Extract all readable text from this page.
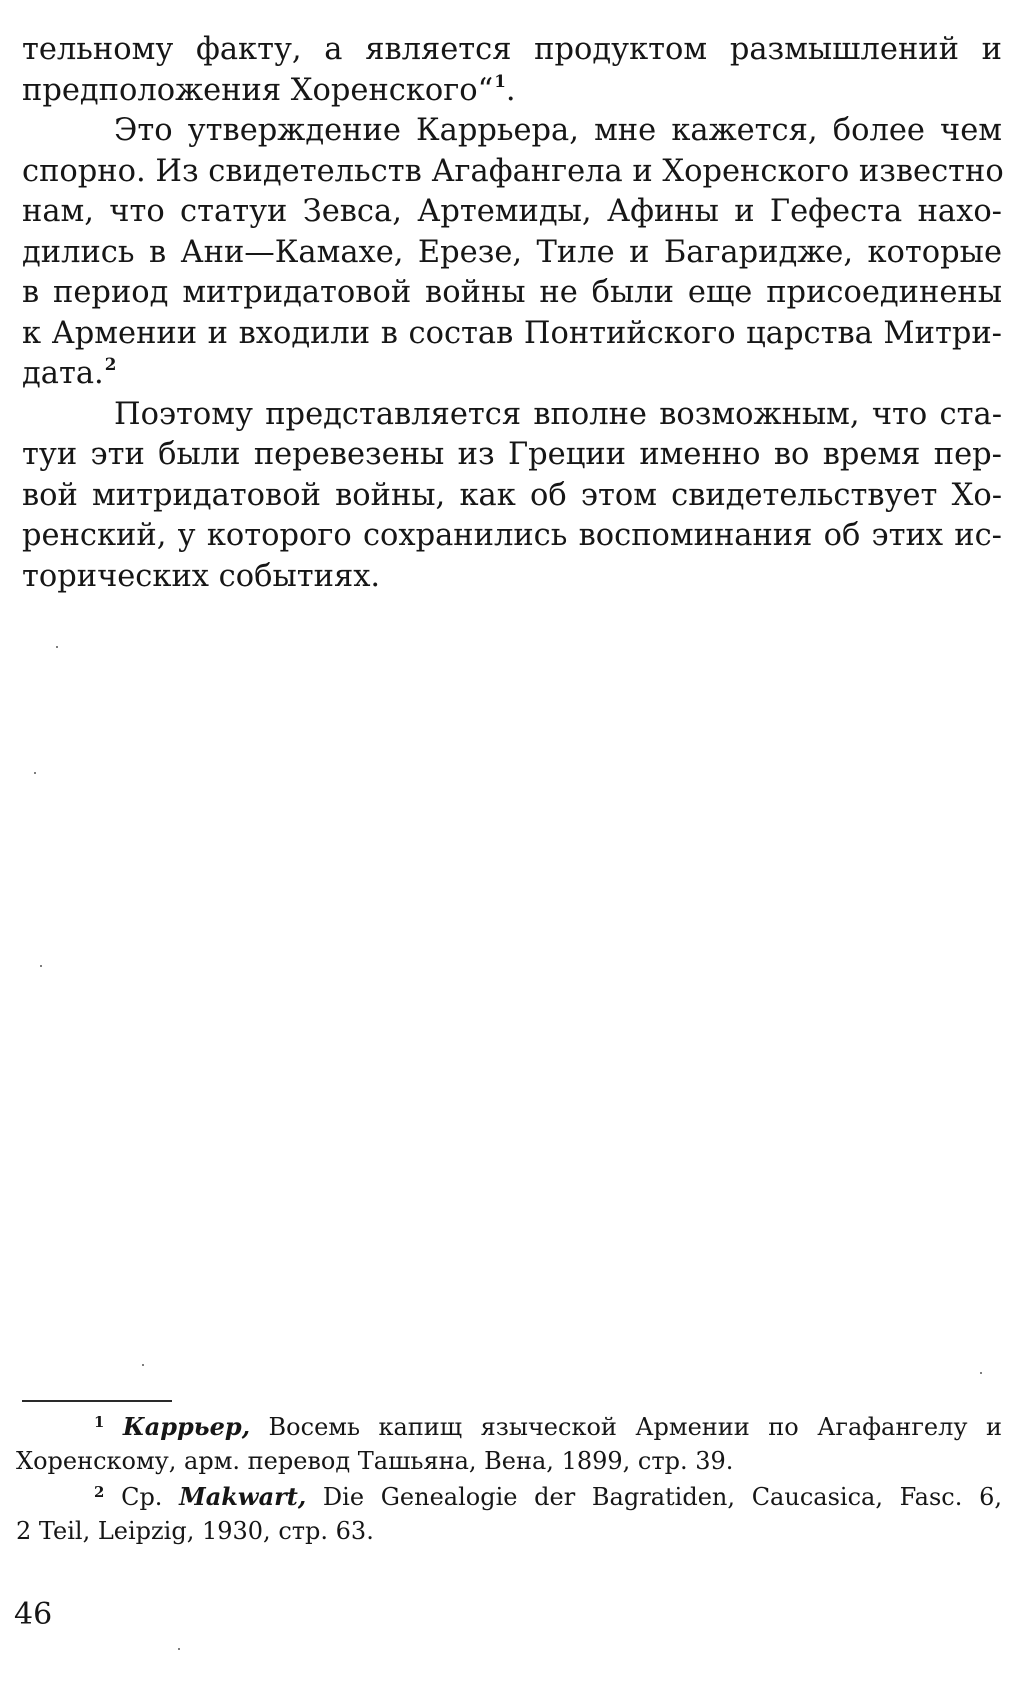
тельному факту, а является продуктом размышлений и
предположения Хоренского“$^1$.

Это утверждение Каррьера, мне кажется, более чем
спорно. Из свидетельств Агафангела и Хоренского известно
нам, что статуи Зевса, Артемиды, Афины и Гефеста нахо-
дились в Ани—Камахе, Ерезе, Тиле и Багаридже, которые
в период митридатовой войны не были еще присоединены
к Армении и входили в состав Понтийского царства Митри-
дата.$^2$

Поэтому представляется вполне возможным, что ста-
туи эти были перевезены из Греции именно во время пер-
вой митридатовой войны, как об этом свидетельствует Хо-
ренский, у которого сохранились воспоминания об этих ис-
торических событиях.

$^1$ Каррьер, Восемь капищ языческой Армении по Агафангелу и
Хоренскому, арм. перевод Ташьяна, Вена, 1899, стр. 39.
$^2$ Ср. Makwart, Die Genealogie der Bagratiden, Caucasica, Fasc. 6,
2 Teil, Leipzig, 1930, стр. 63.
46
